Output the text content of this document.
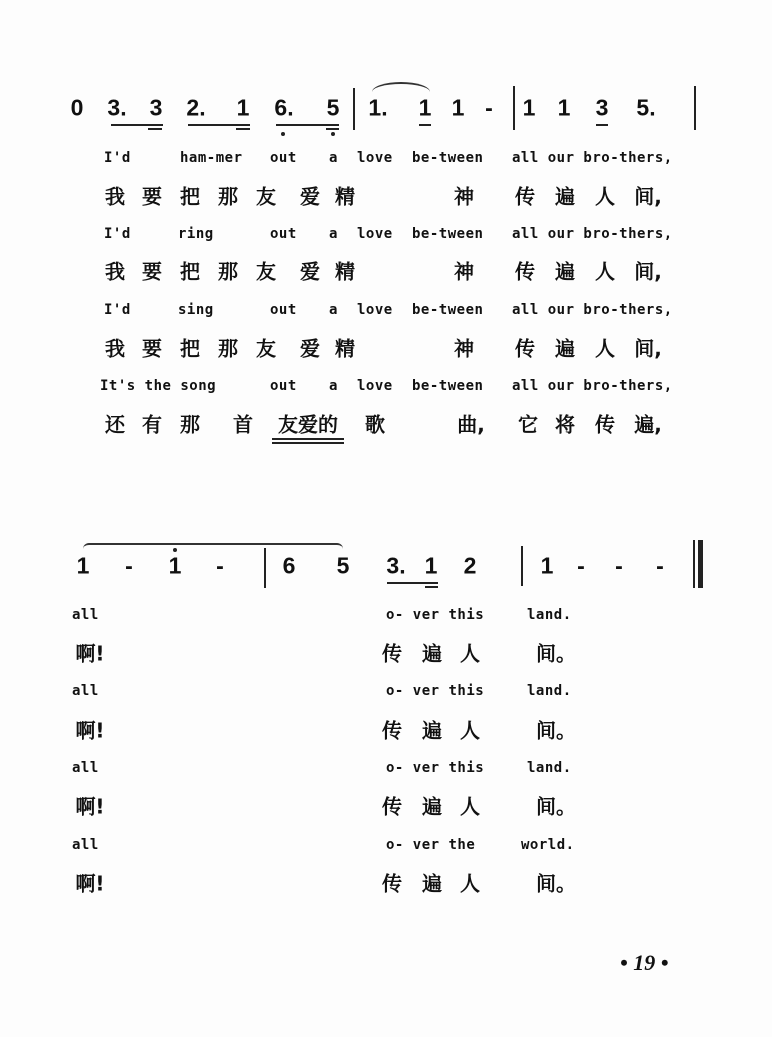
0 3. 3 2. 1 6. 5 1. 1 1 - 1 1 3 5.
I'd	ham-mer out a love be-tween all our bro-thers,
I'd	ring	out a love be-tween all our bro-thers,
I'd	sing	out a love be-tween all our bro-thers,
It's the song	out a love be-tween all our bro-thers,
我 要 把 那 友 爱 精	神 传 遍 人 间,
我 要 把 那 友 爱 精	神 传 遍 人 间,
我 要 把 那 友 爱 精	神 传 遍 人 间,
还 有 那 首 友爱的 歌	曲, 它 将 传 遍,
1 - 1 -	6 5 3. 1 2	1 - - -
all	o- ver this	land.
all	o- ver this	land.
all	o- ver this	land.
all	o- ver the	world.
啊!	传 遍 人	间。
啊!	传 遍 人	间。
啊!	传 遍 人	间。
啊!	传 遍 人	间。
• 19 •
